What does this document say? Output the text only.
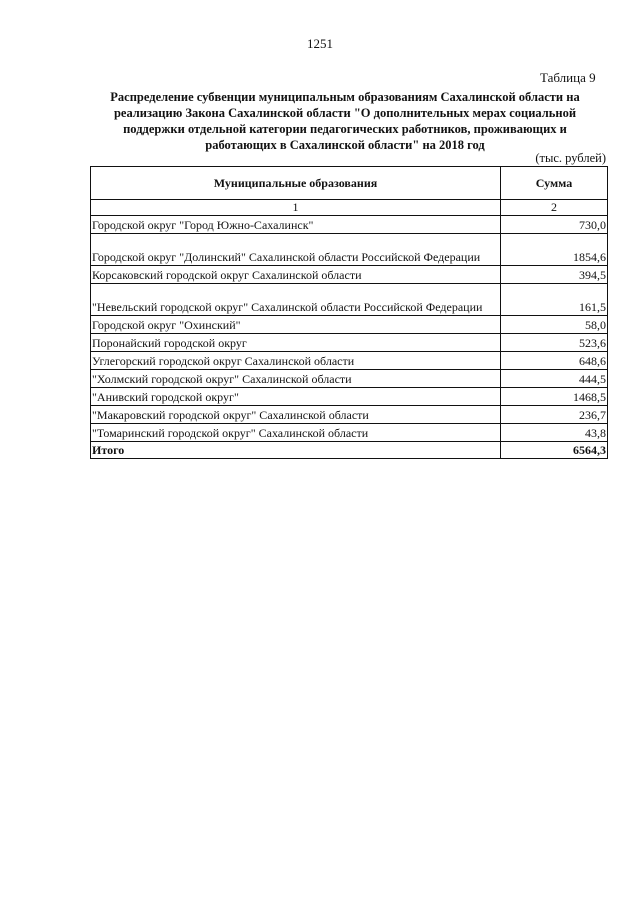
1251
Таблица 9
Распределение субвенции муниципальным образованиям Сахалинской области на реализацию Закона Сахалинской области "О дополнительных мерах социальной поддержки отдельной категории педагогических работников, проживающих и работающих в Сахалинской области" на 2018 год
(тыс. рублей)
Муниципальные образования	Сумма
1	2
Городской округ "Город Южно-Сахалинск"	730,0
Городской округ "Долинский" Сахалинской области Российской Федерации	1854,6
Корсаковский городской округ Сахалинской области	394,5
"Невельский городской округ" Сахалинской области Российской Федерации	161,5
Городской округ "Охинский"	58,0
Поронайский городской округ	523,6
Углегорский городской округ Сахалинской области	648,6
"Холмский городской округ" Сахалинской области	444,5
"Анивский городской округ"	1468,5
"Макаровский городской округ" Сахалинской области	236,7
"Томаринский городской округ" Сахалинской области	43,8
Итого	6564,3
